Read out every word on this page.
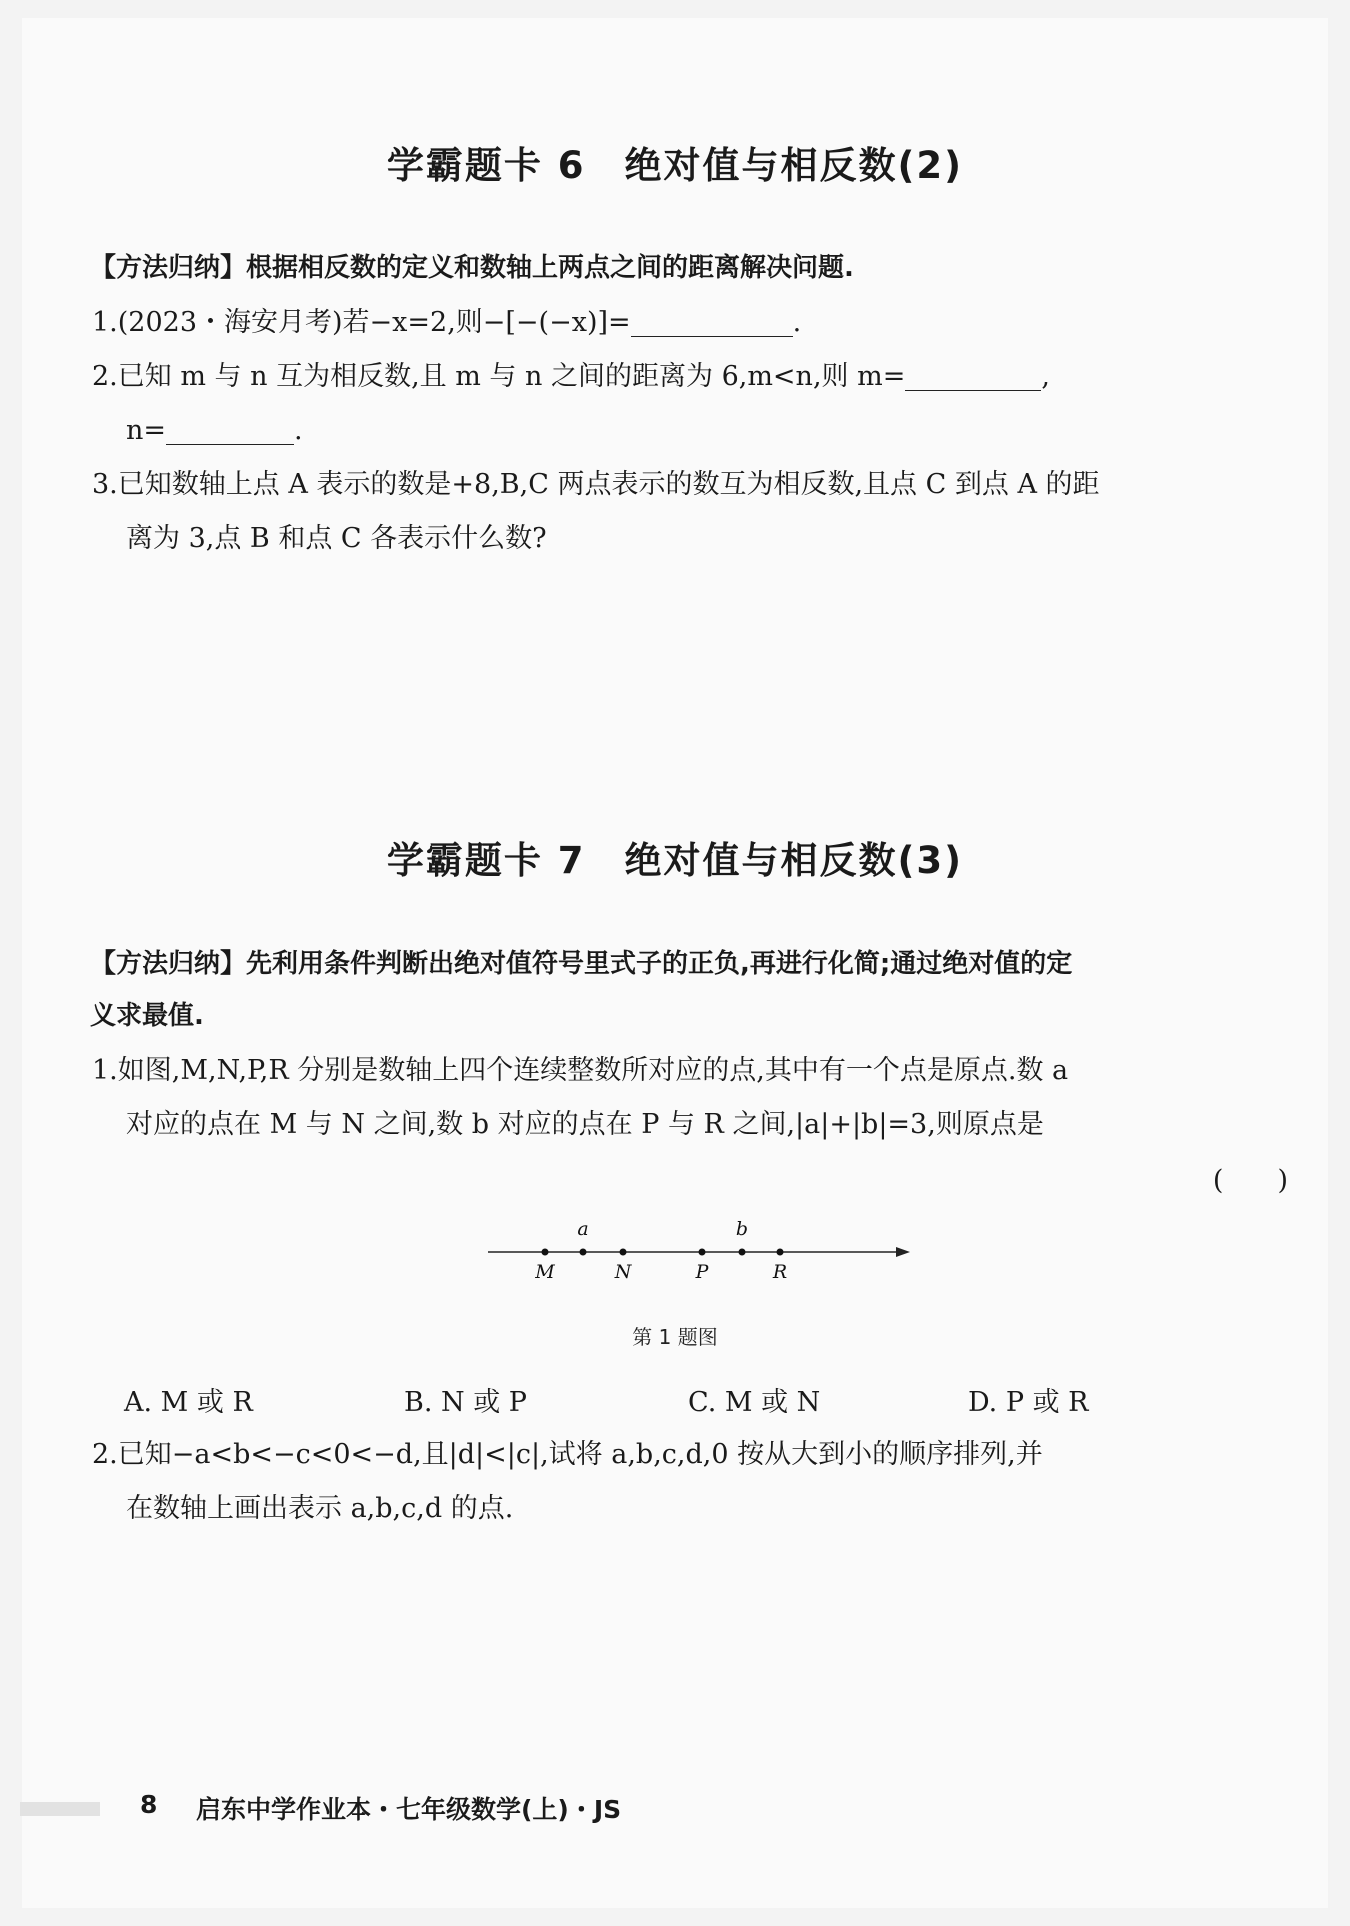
学霸题卡 6　绝对值与相反数(2)
【方法归纳】根据相反数的定义和数轴上两点之间的距离解决问题.
1.(2023・海安月考)若−x=2,则−[−(−x)]=	.
2.已知 m 与 n 互为相反数,且 m 与 n 之间的距离为 6,m<n,则 m=	,
n=	.
3.已知数轴上点 A 表示的数是+8,B,C 两点表示的数互为相反数,且点 C 到点 A 的距
离为 3,点 B 和点 C 各表示什么数?
学霸题卡 7　绝对值与相反数(3)
【方法归纳】先利用条件判断出绝对值符号里式子的正负,再进行化简;通过绝对值的定
义求最值.
1.如图,M,N,P,R 分别是数轴上四个连续整数所对应的点,其中有一个点是原点.数 a
对应的点在 M 与 N 之间,数 b 对应的点在 P 与 R 之间,|a|+|b|=3,则原点是
(　　)
a	b
M	N	P	R
第 1 题图
A. M 或 R	B. N 或 P	C. M 或 N	D. P 或 R
2.已知−a<b<−c<0<−d,且|d|<|c|,试将 a,b,c,d,0 按从大到小的顺序排列,并
在数轴上画出表示 a,b,c,d 的点.
8 启东中学作业本・七年级数学(上)・JS
